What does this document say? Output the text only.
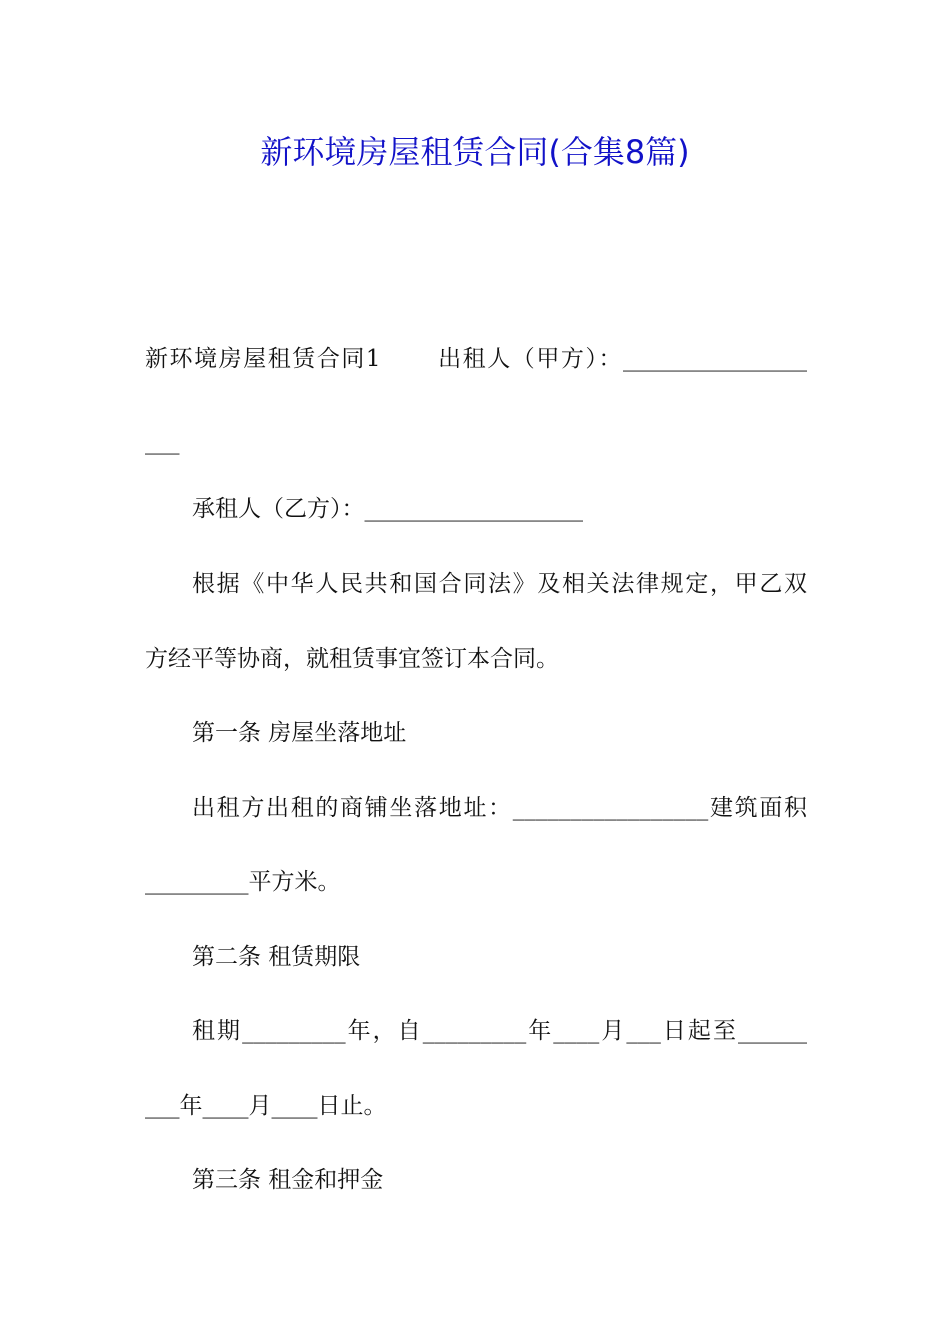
新环境房屋租赁合同(合集8篇)
新环境房屋租赁合同1 出租人（甲方）：________________
___
承租人（乙方）：___________________
根据《中华人民共和国合同法》及相关法律规定，甲乙双
方经平等协商，就租赁事宜签订本合同。
第一条 房屋坐落地址
出租方出租的商铺坐落地址：_________________建筑面积
_________平方米。
第二条 租赁期限
租期_________年，自_________年____月___日起至______
___年____月____日止。
第三条 租金和押金
